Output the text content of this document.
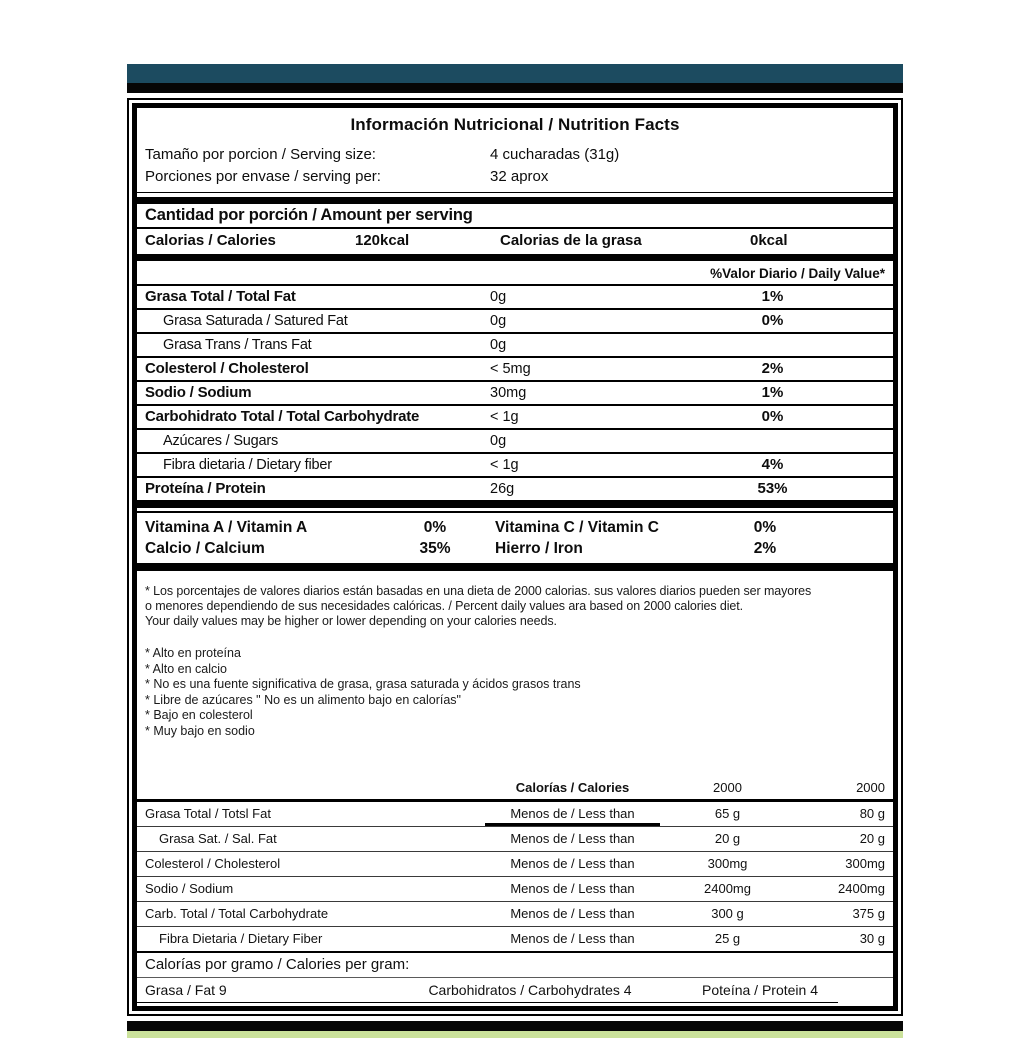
Información Nutricional / Nutrition Facts
Tamaño por porcion / Serving size:	4 cucharadas (31g)
Porciones por envase / serving per:	32 aprox
Cantidad por porción / Amount per serving
Calorias / Calories	120kcal	Calorias de la grasa	0kcal
%Valor Diario / Daily Value*
Grasa Total / Total Fat	0g	1%
Grasa Saturada / Satured Fat	0g	0%
Grasa Trans / Trans Fat	0g
Colesterol / Cholesterol	< 5mg	2%
Sodio / Sodium	30mg	1%
Carbohidrato Total / Total Carbohydrate	< 1g	0%
Azúcares / Sugars	0g
Fibra dietaria / Dietary fiber	< 1g	4%
Proteína / Protein	26g	53%
Vitamina A / Vitamin A	0%	Vitamina C / Vitamin C	0%
Calcio / Calcium	35%	Hierro / Iron	2%
* Los porcentajes de valores diarios están basadas en una dieta de 2000 calorias. sus valores diarios pueden ser mayores
o menores dependiendo de sus necesidades calóricas. / Percent daily values ara based on 2000 calories diet.
Your daily values may be higher or lower depending on your calories needs.
* Alto en proteína
* Alto en calcio
* No es una fuente significativa de grasa, grasa saturada y ácidos grasos trans
* Libre de azúcares " No es un alimento bajo en calorías"
* Bajo en colesterol
* Muy bajo en sodio
Calorías / Calories	2000	2000
Grasa Total / Totsl Fat	Menos de / Less than	65 g	80 g
Grasa Sat. / Sal. Fat	Menos de / Less than	20 g	20 g
Colesterol / Cholesterol	Menos de / Less than	300mg	300mg
Sodio / Sodium	Menos de / Less than	2400mg	2400mg
Carb. Total / Total Carbohydrate	Menos de / Less than	300 g	375 g
Fibra Dietaria / Dietary Fiber	Menos de / Less than	25 g	30 g
Calorías por gramo / Calories per gram:
Grasa / Fat 9	Carbohidratos / Carbohydrates 4	Poteína / Protein 4
